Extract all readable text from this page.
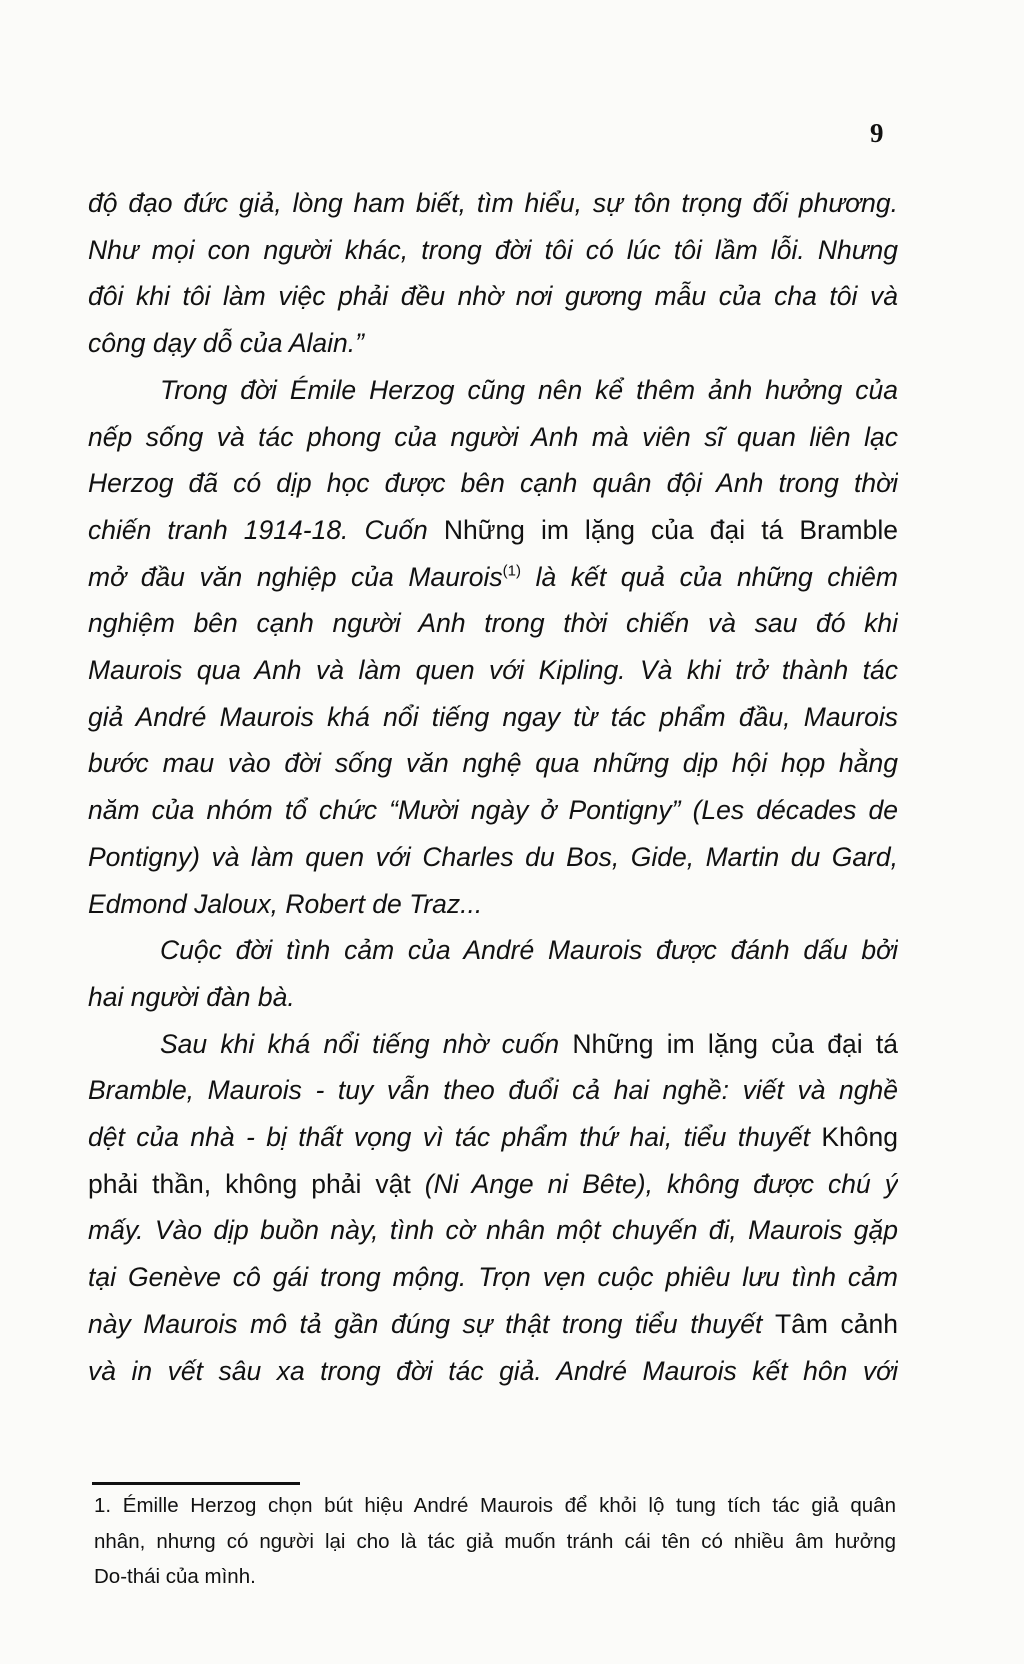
9
độ đạo đức giả, lòng ham biết, tìm hiểu, sự tôn trọng đối phương.
Như mọi con người khác, trong đời tôi có lúc tôi lầm lỗi. Nhưng
đôi khi tôi làm việc phải đều nhờ nơi gương mẫu của cha tôi và
công dạy dỗ của Alain.”
Trong đời Émile Herzog cũng nên kể thêm ảnh hưởng của
nếp sống và tác phong của người Anh mà viên sĩ quan liên lạc
Herzog đã có dịp học được bên cạnh quân đội Anh trong thời
chiến tranh 1914-18. Cuốn Những im lặng của đại tá Bramble
mở đầu văn nghiệp của Maurois$^{(1)}$ là kết quả của những chiêm
nghiệm bên cạnh người Anh trong thời chiến và sau đó khi
Maurois qua Anh và làm quen với Kipling. Và khi trở thành tác
giả André Maurois khá nổi tiếng ngay từ tác phẩm đầu, Maurois
bước mau vào đời sống văn nghệ qua những dịp hội họp hằng
năm của nhóm tổ chức “Mười ngày ở Pontigny” (Les décades de
Pontigny) và làm quen với Charles du Bos, Gide, Martin du Gard,
Edmond Jaloux, Robert de Traz...
Cuộc đời tình cảm của André Maurois được đánh dấu bởi
hai người đàn bà.
Sau khi khá nổi tiếng nhờ cuốn Những im lặng của đại tá
Bramble, Maurois - tuy vẫn theo đuổi cả hai nghề: viết và nghề
dệt của nhà - bị thất vọng vì tác phẩm thứ hai, tiểu thuyết Không
phải thần, không phải vật (Ni Ange ni Bête), không được chú ý
mấy. Vào dịp buồn này, tình cờ nhân một chuyến đi, Maurois gặp
tại Genève cô gái trong mộng. Trọn vẹn cuộc phiêu lưu tình cảm
này Maurois mô tả gần đúng sự thật trong tiểu thuyết Tâm cảnh
và in vết sâu xa trong đời tác giả. André Maurois kết hôn với
1. Émille Herzog chọn bút hiệu André Maurois để khỏi lộ tung tích tác giả quân
nhân, nhưng có người lại cho là tác giả muốn tránh cái tên có nhiều âm hưởng
Do-thái của mình.
